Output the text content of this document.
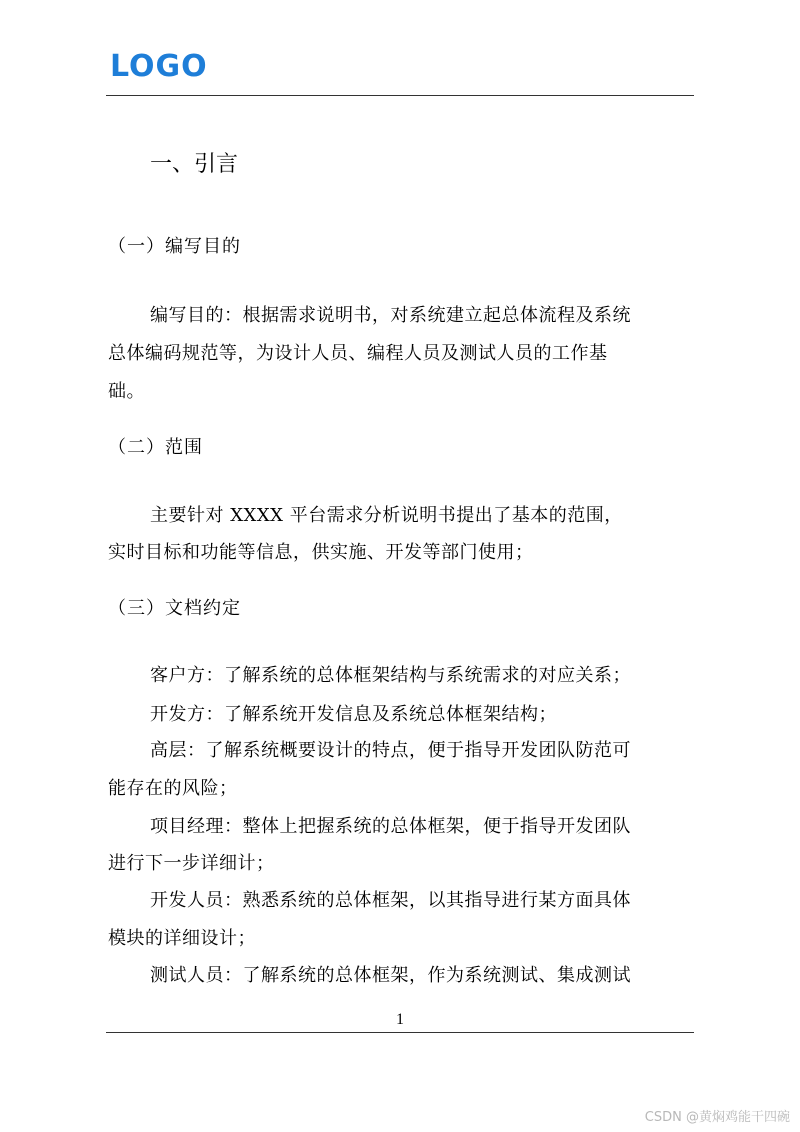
LOGO
一、引言
（一）编写目的
编写目的：根据需求说明书，对系统建立起总体流程及系统
总体编码规范等，为设计人员、编程人员及测试人员的工作基
础。
（二）范围
主要针对 XXXX 平台需求分析说明书提出了基本的范围，
实时目标和功能等信息，供实施、开发等部门使用；
（三）文档约定
客户方：了解系统的总体框架结构与系统需求的对应关系；
开发方：了解系统开发信息及系统总体框架结构；
高层：了解系统概要设计的特点，便于指导开发团队防范可
能存在的风险；
项目经理：整体上把握系统的总体框架，便于指导开发团队
进行下一步详细计；
开发人员：熟悉系统的总体框架，以其指导进行某方面具体
模块的详细设计；
测试人员：了解系统的总体框架，作为系统测试、集成测试
1
CSDN @黄焖鸡能干四碗
